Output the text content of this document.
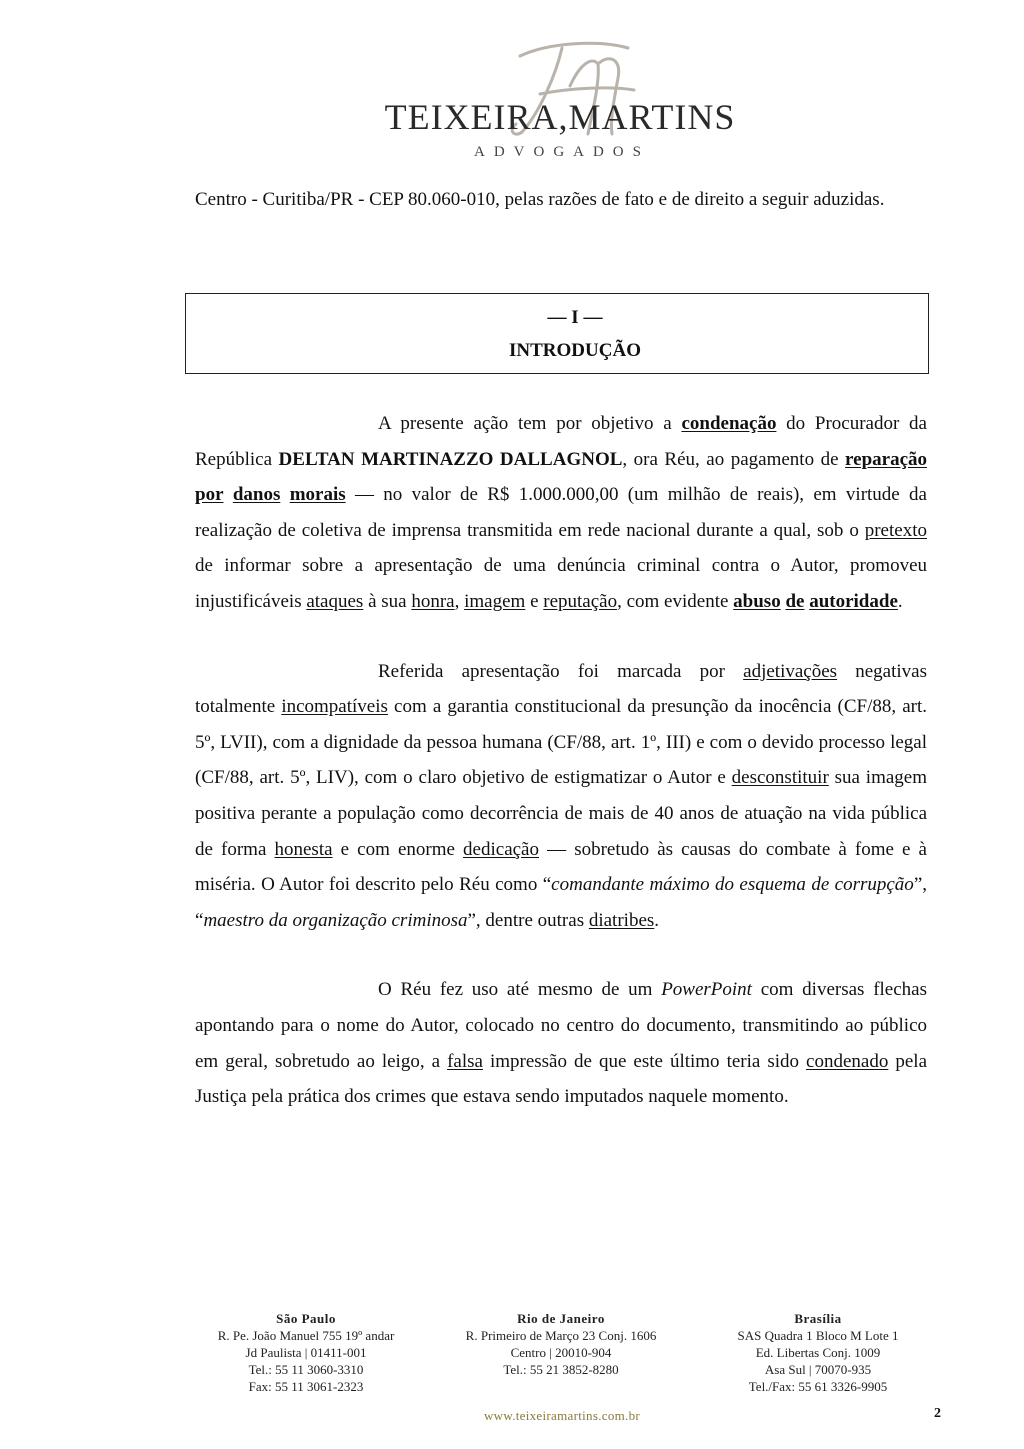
TEIXEIRA,MARTINS
ADVOGADOS

Centro - Curitiba/PR - CEP 80.060-010, pelas razões de fato e de direito a seguir aduzidas.

— I —
INTRODUÇÃO

A presente ação tem por objetivo a condenação do Procurador da República DELTAN MARTINAZZO DALLAGNOL, ora Réu, ao pagamento de reparação por danos morais — no valor de R$ 1.000.000,00 (um milhão de reais), em virtude da realização de coletiva de imprensa transmitida em rede nacional durante a qual, sob o pretexto de informar sobre a apresentação de uma denúncia criminal contra o Autor, promoveu injustificáveis ataques à sua honra, imagem e reputação, com evidente abuso de autoridade.

Referida apresentação foi marcada por adjetivações negativas totalmente incompatíveis com a garantia constitucional da presunção da inocência (CF/88, art. 5º, LVII), com a dignidade da pessoa humana (CF/88, art. 1º, III) e com o devido processo legal (CF/88, art. 5º, LIV), com o claro objetivo de estigmatizar o Autor e desconstituir sua imagem positiva perante a população como decorrência de mais de 40 anos de atuação na vida pública de forma honesta e com enorme dedicação — sobretudo às causas do combate à fome e à miséria. O Autor foi descrito pelo Réu como “comandante máximo do esquema de corrupção”, “maestro da organização criminosa”, dentre outras diatribes.

O Réu fez uso até mesmo de um PowerPoint com diversas flechas apontando para o nome do Autor, colocado no centro do documento, transmitindo ao público em geral, sobretudo ao leigo, a falsa impressão de que este último teria sido condenado pela Justiça pela prática dos crimes que estava sendo imputados naquele momento.

São Paulo
R. Pe. João Manuel 755 19º andar
Jd Paulista | 01411-001
Tel.: 55 11 3060-3310
Fax: 55 11 3061-2323
Rio de Janeiro
R. Primeiro de Março 23 Conj. 1606
Centro | 20010-904
Tel.: 55 21 3852-8280
Brasília
SAS Quadra 1 Bloco M Lote 1
Ed. Libertas Conj. 1009
Asa Sul | 70070-935
Tel./Fax: 55 61 3326-9905
www.teixeiramartins.com.br	2
